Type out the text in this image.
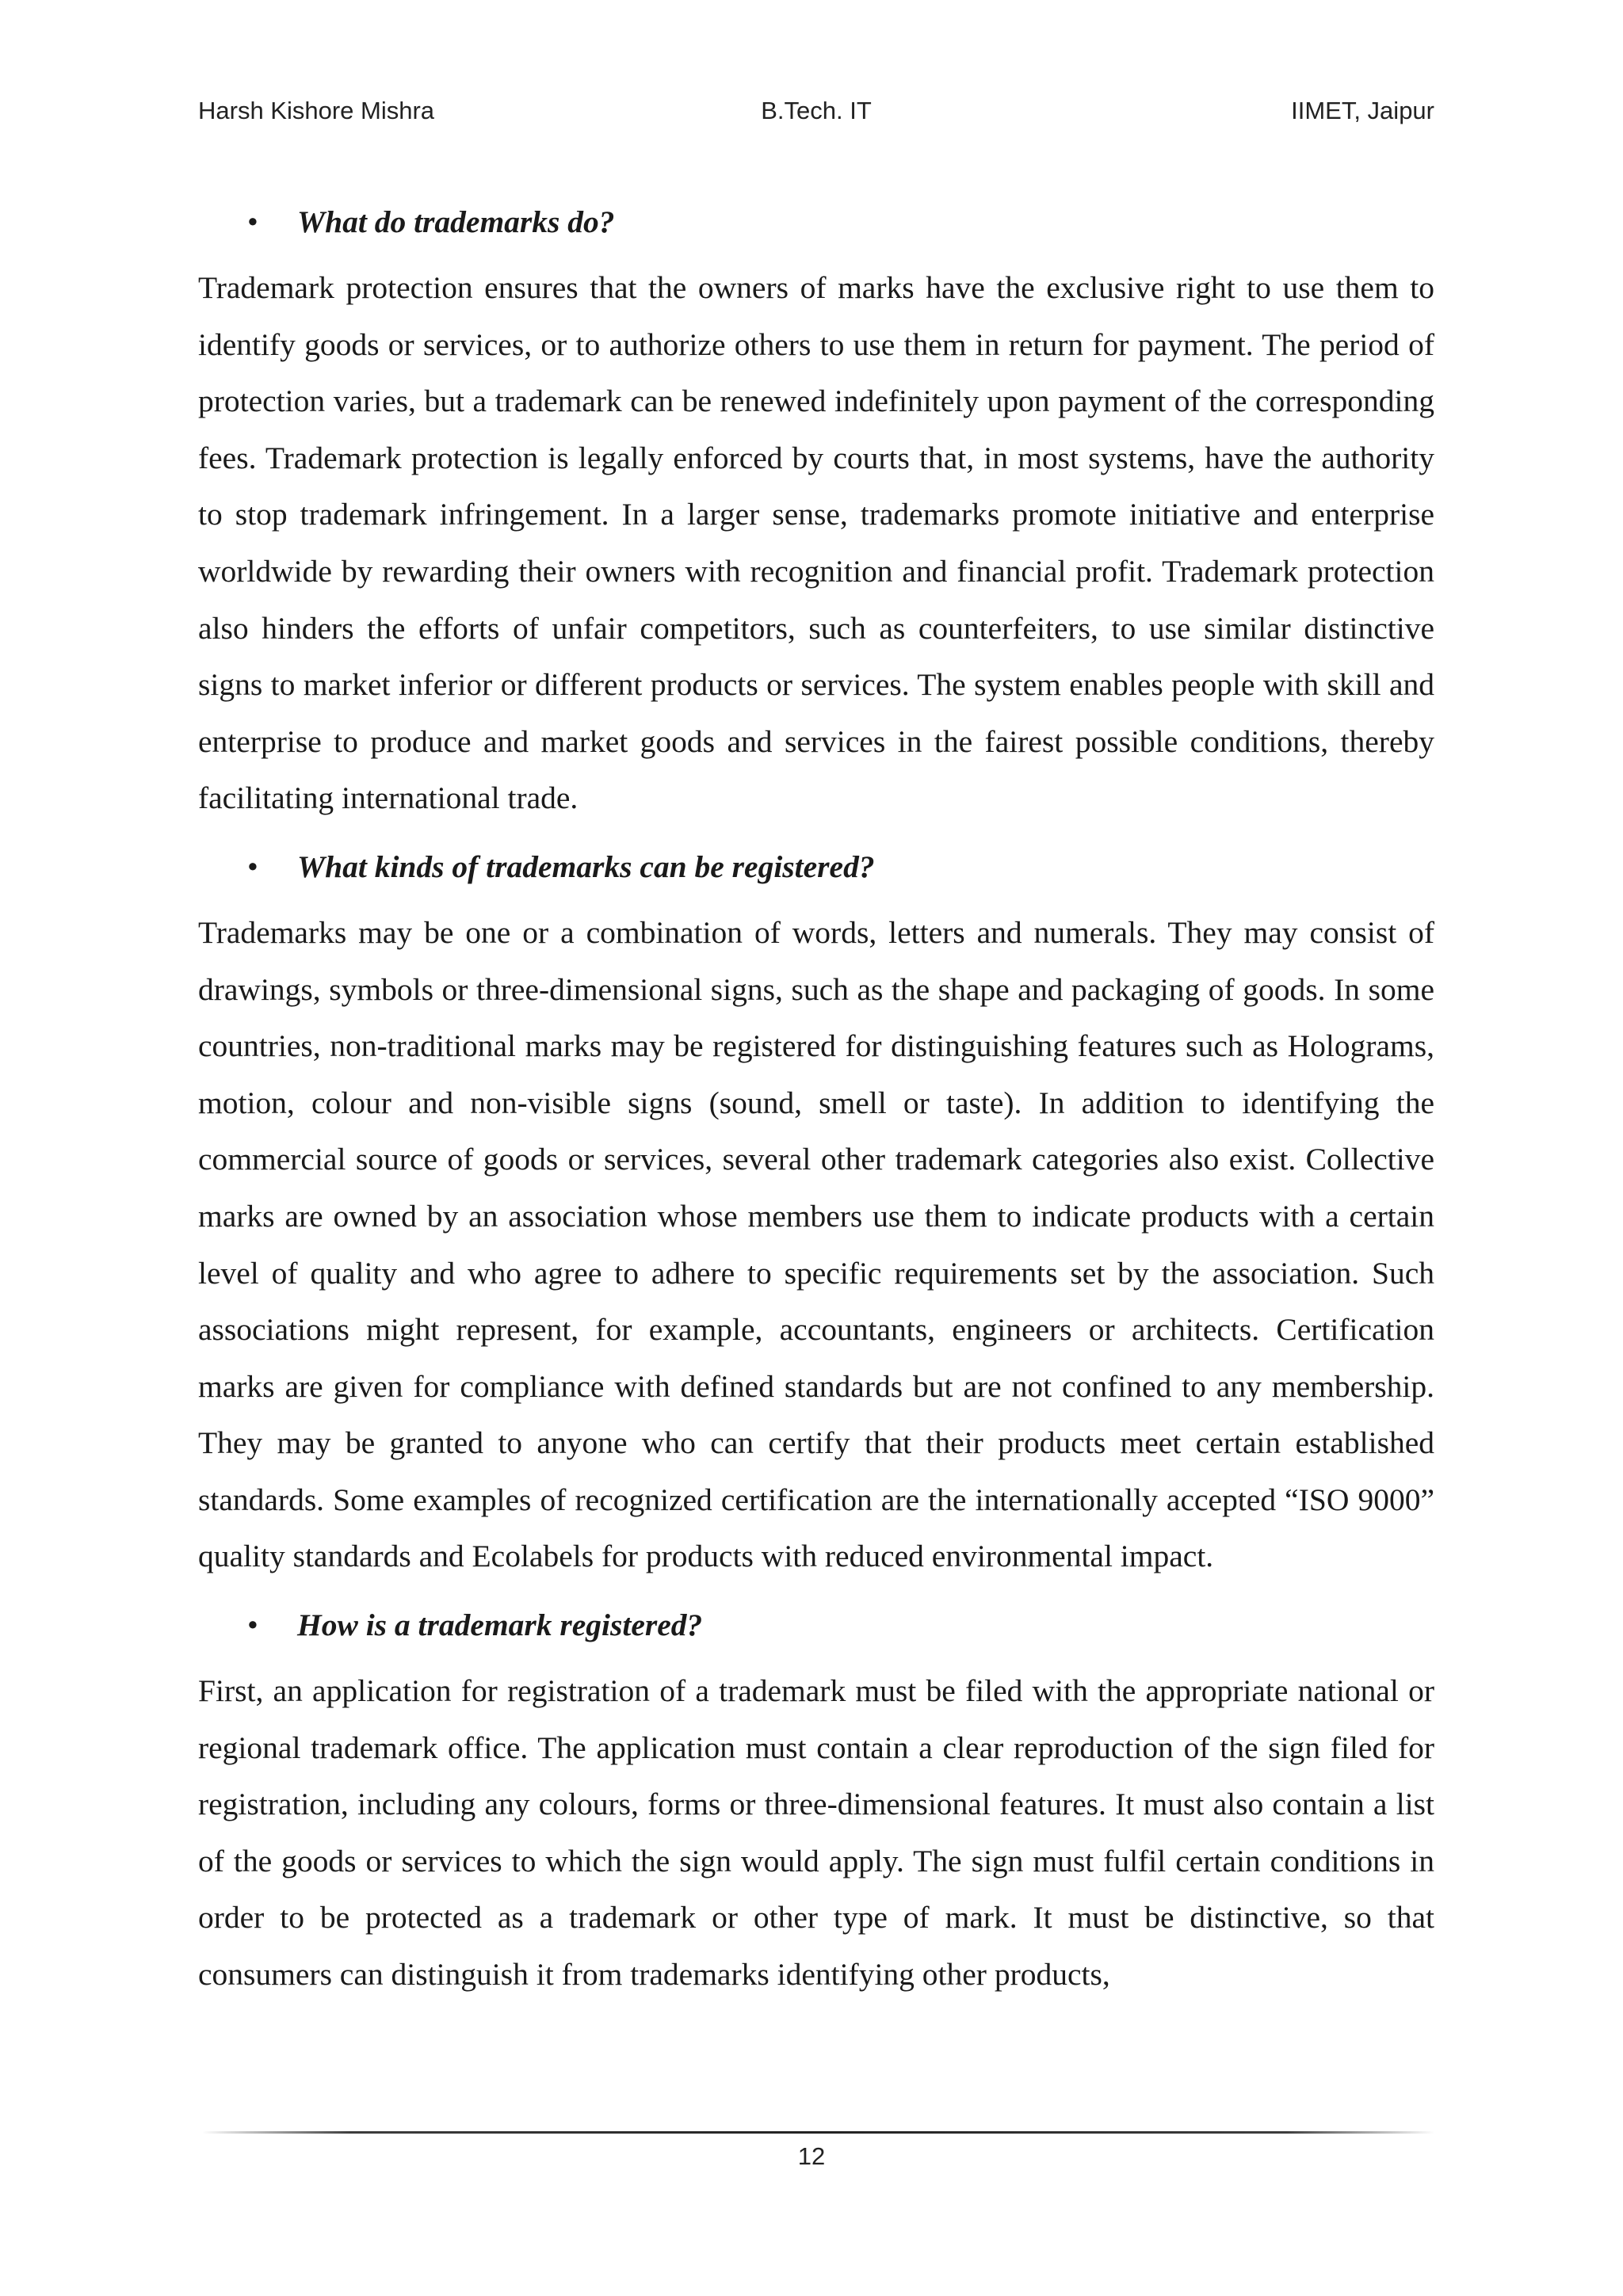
Harsh Kishore Mishra	B.Tech. IT	IIMET, Jaipur

• What do trademarks do?

Trademark protection ensures that the owners of marks have the exclusive right to use them to identify goods or services, or to authorize others to use them in return for payment. The period of protection varies, but a trademark can be renewed indefinitely upon payment of the corresponding fees. Trademark protection is legally enforced by courts that, in most systems, have the authority to stop trademark infringement. In a larger sense, trademarks promote initiative and enterprise worldwide by rewarding their owners with recognition and financial profit. Trademark protection also hinders the efforts of unfair competitors, such as counterfeiters, to use similar distinctive signs to market inferior or different products or services. The system enables people with skill and enterprise to produce and market goods and services in the fairest possible conditions, thereby facilitating international trade.

• What kinds of trademarks can be registered?

Trademarks may be one or a combination of words, letters and numerals. They may consist of drawings, symbols or three-dimensional signs, such as the shape and packaging of goods. In some countries, non-traditional marks may be registered for distinguishing features such as Holograms, motion, colour and non-visible signs (sound, smell or taste). In addition to identifying the commercial source of goods or services, several other trademark categories also exist. Collective marks are owned by an association whose members use them to indicate products with a certain level of quality and who agree to adhere to specific requirements set by the association. Such associations might represent, for example, accountants, engineers or architects. Certification marks are given for compliance with defined standards but are not confined to any membership. They may be granted to anyone who can certify that their products meet certain established standards. Some examples of recognized certification are the internationally accepted “ISO 9000” quality standards and Ecolabels for products with reduced environmental impact.

• How is a trademark registered?

First, an application for registration of a trademark must be filed with the appropriate national or regional trademark office. The application must contain a clear reproduction of the sign filed for registration, including any colours, forms or three-dimensional features. It must also contain a list of the goods or services to which the sign would apply. The sign must fulfil certain conditions in order to be protected as a trademark or other type of mark. It must be distinctive, so that consumers can distinguish it from trademarks identifying other products,

12
